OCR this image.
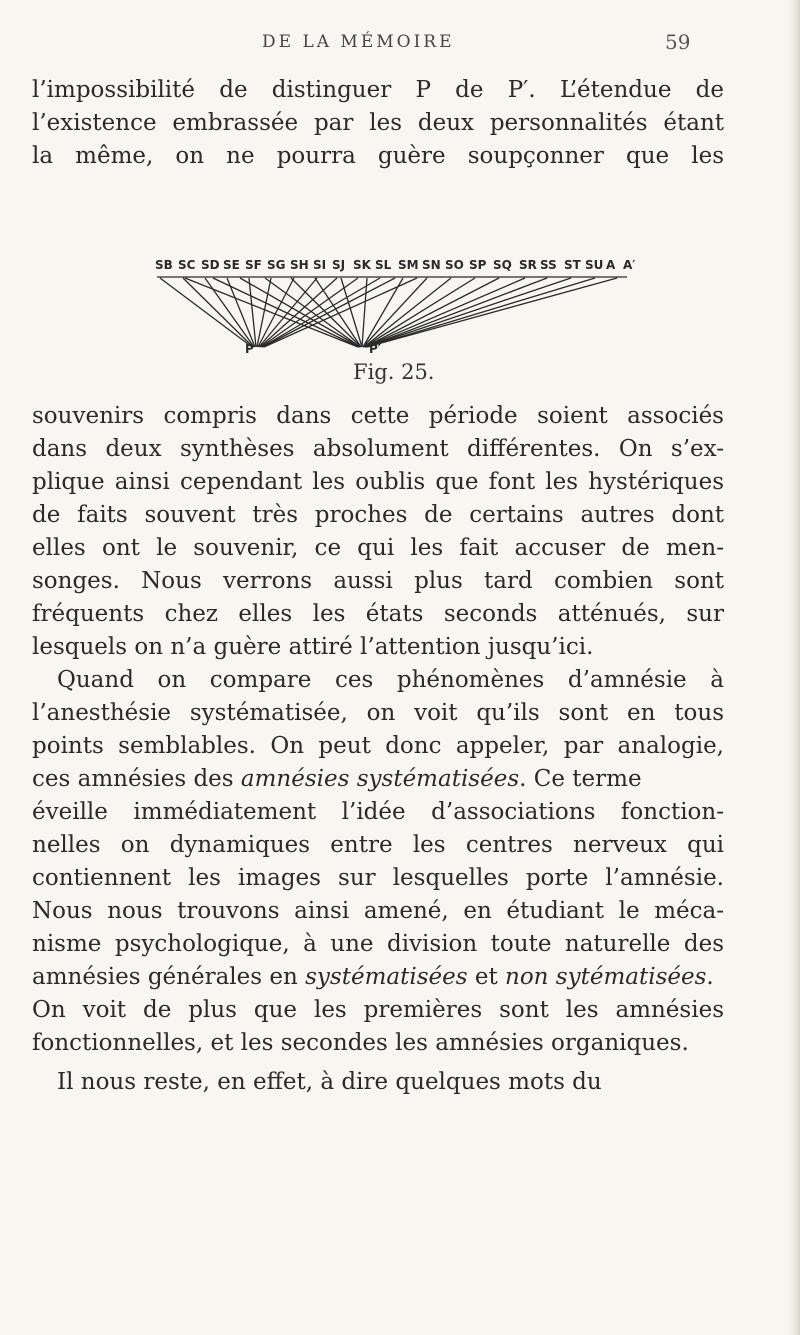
DE LA MÉMOIRE	59
l’impossibilité de distinguer P de P′. L’étendue de
l’existence embrassée par les deux personnalités étant
la même, on ne pourra guère soupçonner que les
SB SC SD SE SF SG SH SI SJ SK SL SM SN SO SP SQ SR SS ST SU A A′
P	P′
Fig. 25.
souvenirs compris dans cette période soient associés
dans deux synthèses absolument différentes. On s’ex-
plique ainsi cependant les oublis que font les hystériques
de faits souvent très proches de certains autres dont
elles ont le souvenir, ce qui les fait accuser de men-
songes. Nous verrons aussi plus tard combien sont
fréquents chez elles les états seconds atténués, sur
lesquels on n’a guère attiré l’attention jusqu’ici.
Quand on compare ces phénomènes d’amnésie à
l’anesthésie systématisée, on voit qu’ils sont en tous
points semblables. On peut donc appeler, par analogie,
ces amnésies des amnésies systématisées. Ce terme
éveille immédiatement l’idée d’associations fonction-
nelles on dynamiques entre les centres nerveux qui
contiennent les images sur lesquelles porte l’amnésie.
Nous nous trouvons ainsi amené, en étudiant le méca-
nisme psychologique, à une division toute naturelle des
amnésies générales en systématisées et non sytématisées.
On voit de plus que les premières sont les amnésies
fonctionnelles, et les secondes les amnésies organiques.
Il nous reste, en effet, à dire quelques mots du
